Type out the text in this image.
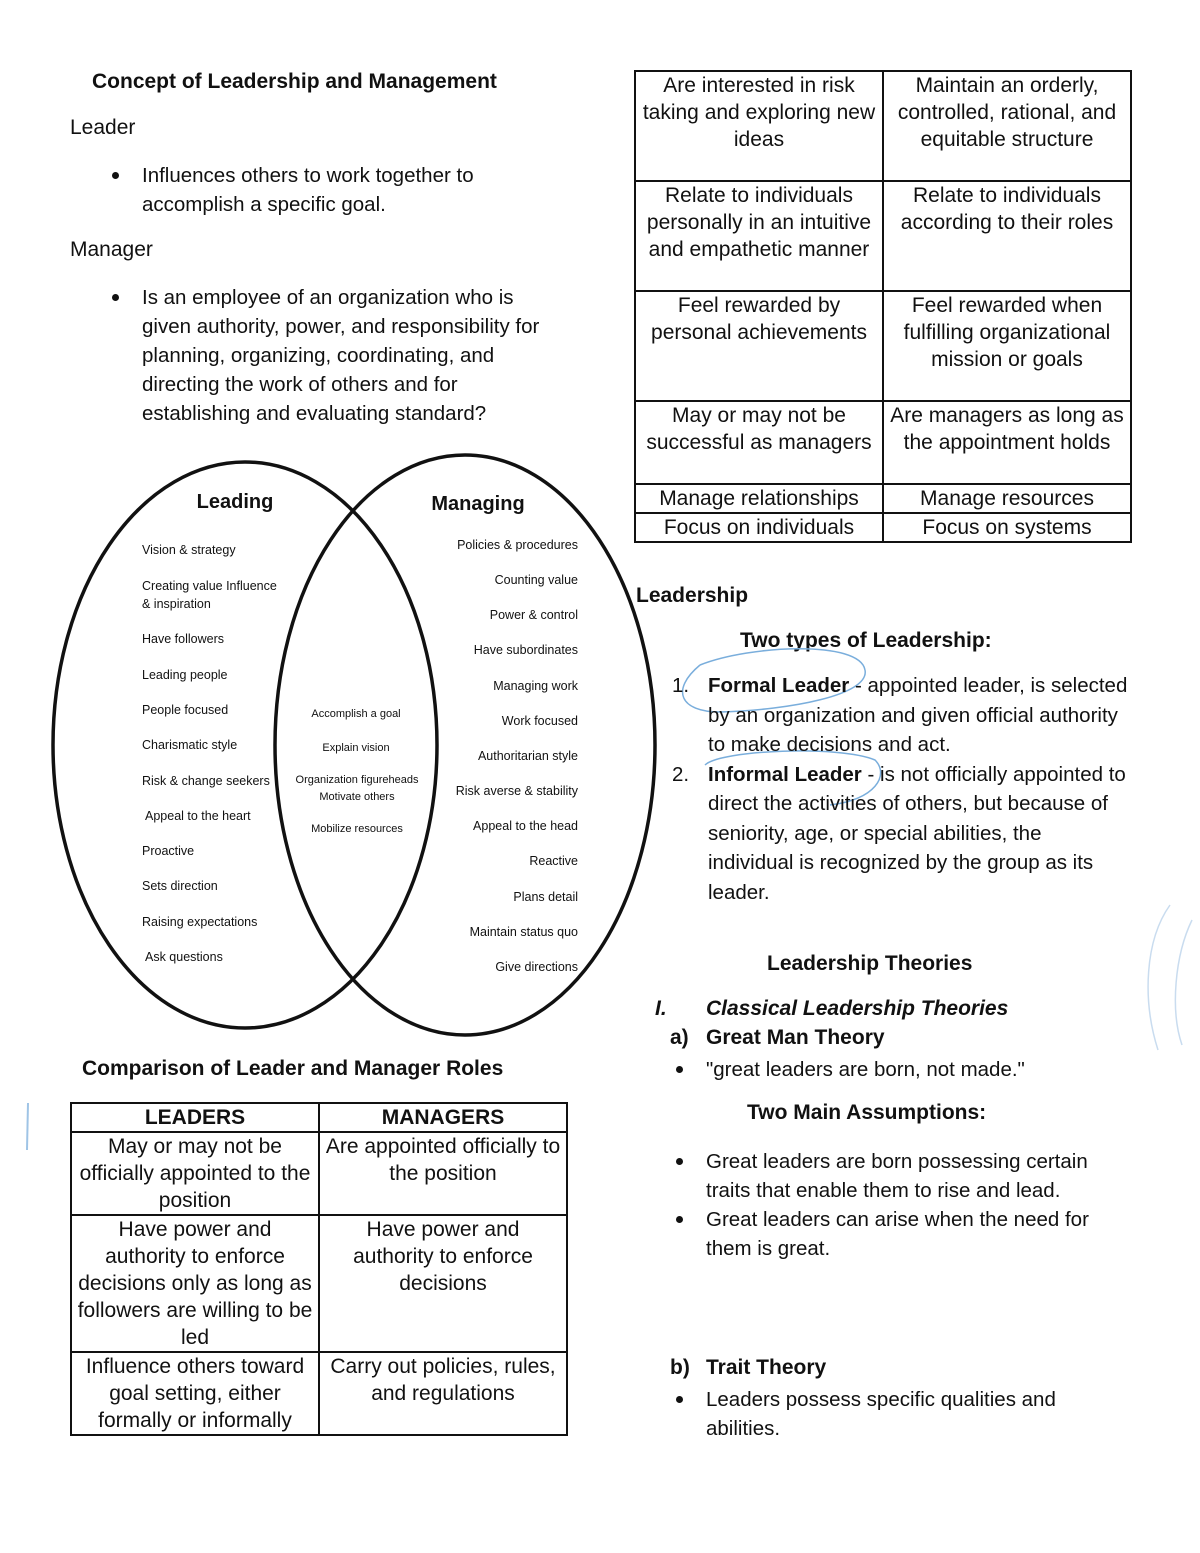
Concept of Leadership and Management
Leader
Influences others to work together to accomplish a specific goal.
Manager
Is an employee of an organization who is given authority, power, and responsibility for planning, organizing, coordinating, and directing the work of others and for establishing and evaluating standard?
Leading	Managing
Vision & strategy
Creating value Influence
& inspiration
Have followers
Leading people
People focused
Charismatic style
Risk & change seekers
Appeal to the heart
Proactive
Sets direction
Raising expectations
Ask questions
Policies & procedures
Counting value
Power & control
Have subordinates
Managing work
Work focused
Authoritarian style
Risk averse & stability
Appeal to the head
Reactive
Plans detail
Maintain status quo
Give directions
Accomplish a goal
Explain vision
Organization figureheads
Motivate others
Mobilize resources
Comparison of Leader and Manager Roles
LEADERS	MANAGERS
May or may not be officially appointed to the position	Are appointed officially to the position
Have power and authority to enforce decisions only as long as followers are willing to be led	Have power and authority to enforce decisions
Influence others toward goal setting, either formally or informally	Carry out policies, rules, and regulations
Are interested in risk taking and exploring new ideas	Maintain an orderly, controlled, rational, and equitable structure
Relate to individuals personally in an intuitive and empathetic manner	Relate to individuals according to their roles
Feel rewarded by personal achievements	Feel rewarded when fulfilling organizational mission or goals
May or may not be successful as managers	Are managers as long as the appointment holds
Manage relationships	Manage resources
Focus on individuals	Focus on systems
Leadership
Two types of Leadership:
1. Formal Leader - appointed leader, is selected by an organization and given official authority to make decisions and act.
2. Informal Leader - is not officially appointed to direct the activities of others, but because of seniority, age, or special abilities, the individual is recognized by the group as its leader.
Leadership Theories
I. Classical Leadership Theories
a) Great Man Theory
"great leaders are born, not made."
Two Main Assumptions:
Great leaders are born possessing certain traits that enable them to rise and lead.
Great leaders can arise when the need for them is great.
b) Trait Theory
Leaders possess specific qualities and abilities.
